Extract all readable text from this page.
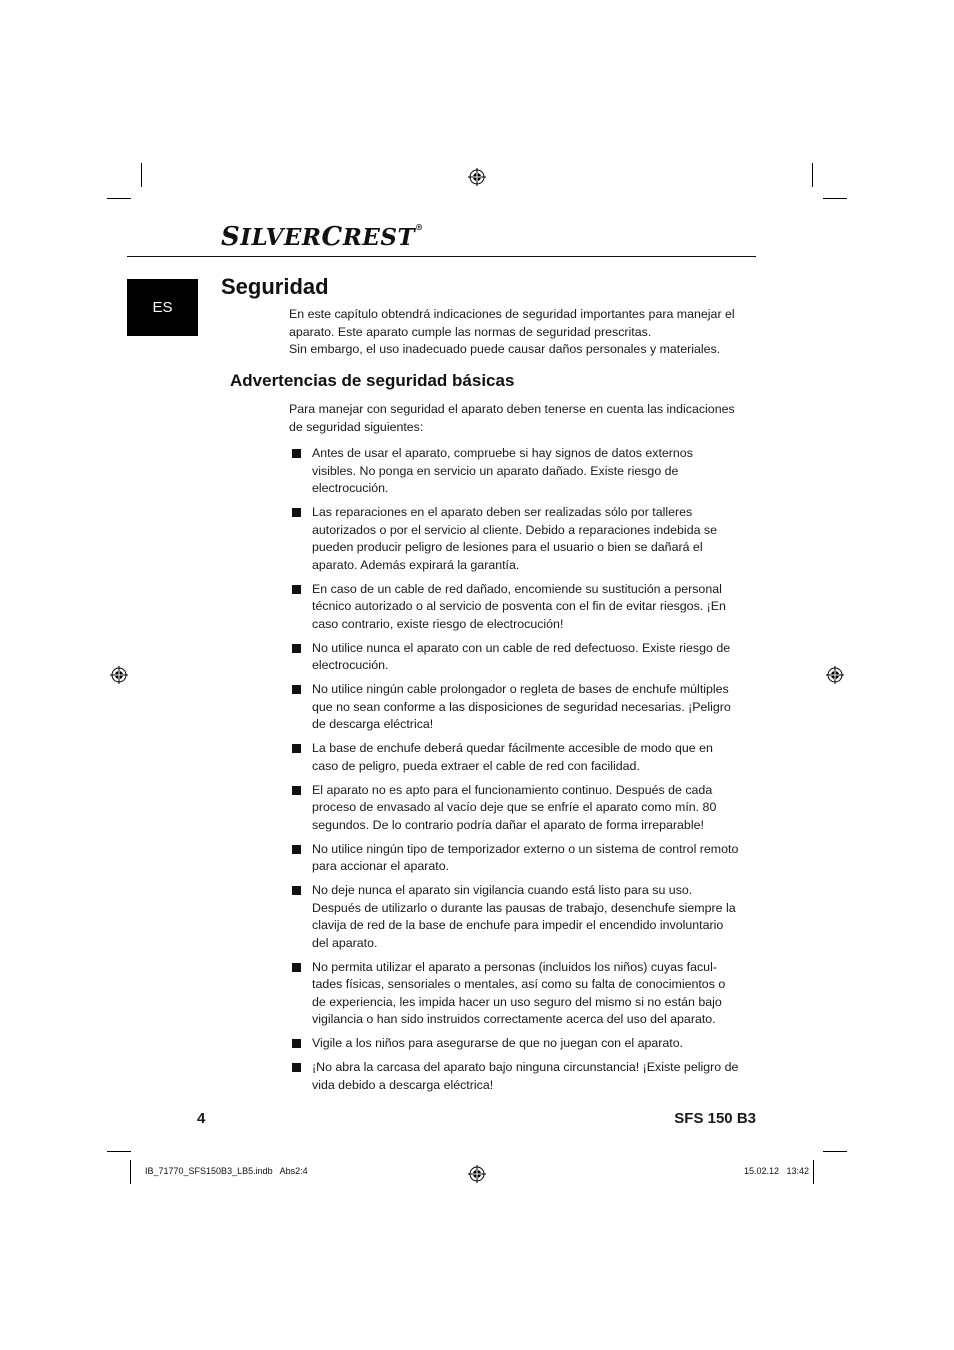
SILVERCREST®
ES
Seguridad

En este capítulo obtendrá indicaciones de seguridad importantes para manejar el aparato. Este aparato cumple las normas de seguridad prescritas.

Sin embargo, el uso inadecuado puede causar daños personales y materiales.

Advertencias de seguridad básicas

Para manejar con seguridad el aparato deben tenerse en cuenta las indicaciones de seguridad siguientes:

Antes de usar el aparato, compruebe si hay signos de datos externos visibles. No ponga en servicio un aparato dañado. Existe riesgo de electrocución.
Las reparaciones en el aparato deben ser realizadas sólo por talleres autorizados o por el servicio al cliente. Debido a reparaciones indebida se pueden producir peligro de lesiones para el usuario o bien se dañará el aparato. Además expirará la garantía.
En caso de un cable de red dañado, encomiende su sustitución a personal técnico autorizado o al servicio de posventa con el fin de evitar riesgos. ¡En caso contrario, existe riesgo de electrocución!
No utilice nunca el aparato con un cable de red defectuoso. Existe riesgo de electrocución.
No utilice ningún cable prolongador o regleta de bases de enchufe múltiples que no sean conforme a las disposiciones de seguridad necesarias. ¡Peligro de descarga eléctrica!
La base de enchufe deberá quedar fácilmente accesible de modo que en caso de peligro, pueda extraer el cable de red con facilidad.
El aparato no es apto para el funcionamiento continuo. Después de cada proceso de envasado al vacío deje que se enfríe el aparato como mín. 80 segundos. De lo contrario podría dañar el aparato de forma irreparable!
No utilice ningún tipo de temporizador externo o un sistema de control remoto para accionar el aparato.
No deje nunca el aparato sin vigilancia cuando está listo para su uso. Después de utilizarlo o durante las pausas de trabajo, desenchufe siempre la clavija de red de la base de enchufe para impedir el encendido involuntario del aparato.
No permita utilizar el aparato a personas (incluidos los niños) cuyas facul-tades físicas, sensoriales o mentales, así como su falta de conocimientos o de experiencia, les impida hacer un uso seguro del mismo si no están bajo vigilancia o han sido instruidos correctamente acerca del uso del aparato.
Vigile a los niños para asegurarse de que no juegan con el aparato.
¡No abra la carcasa del aparato bajo ninguna circunstancia! ¡Existe peligro de vida debido a descarga eléctrica!
4	SFS 150 B3
IB_71770_SFS150B3_LB5.indb   Abs2:4	15.02.12   13:42
